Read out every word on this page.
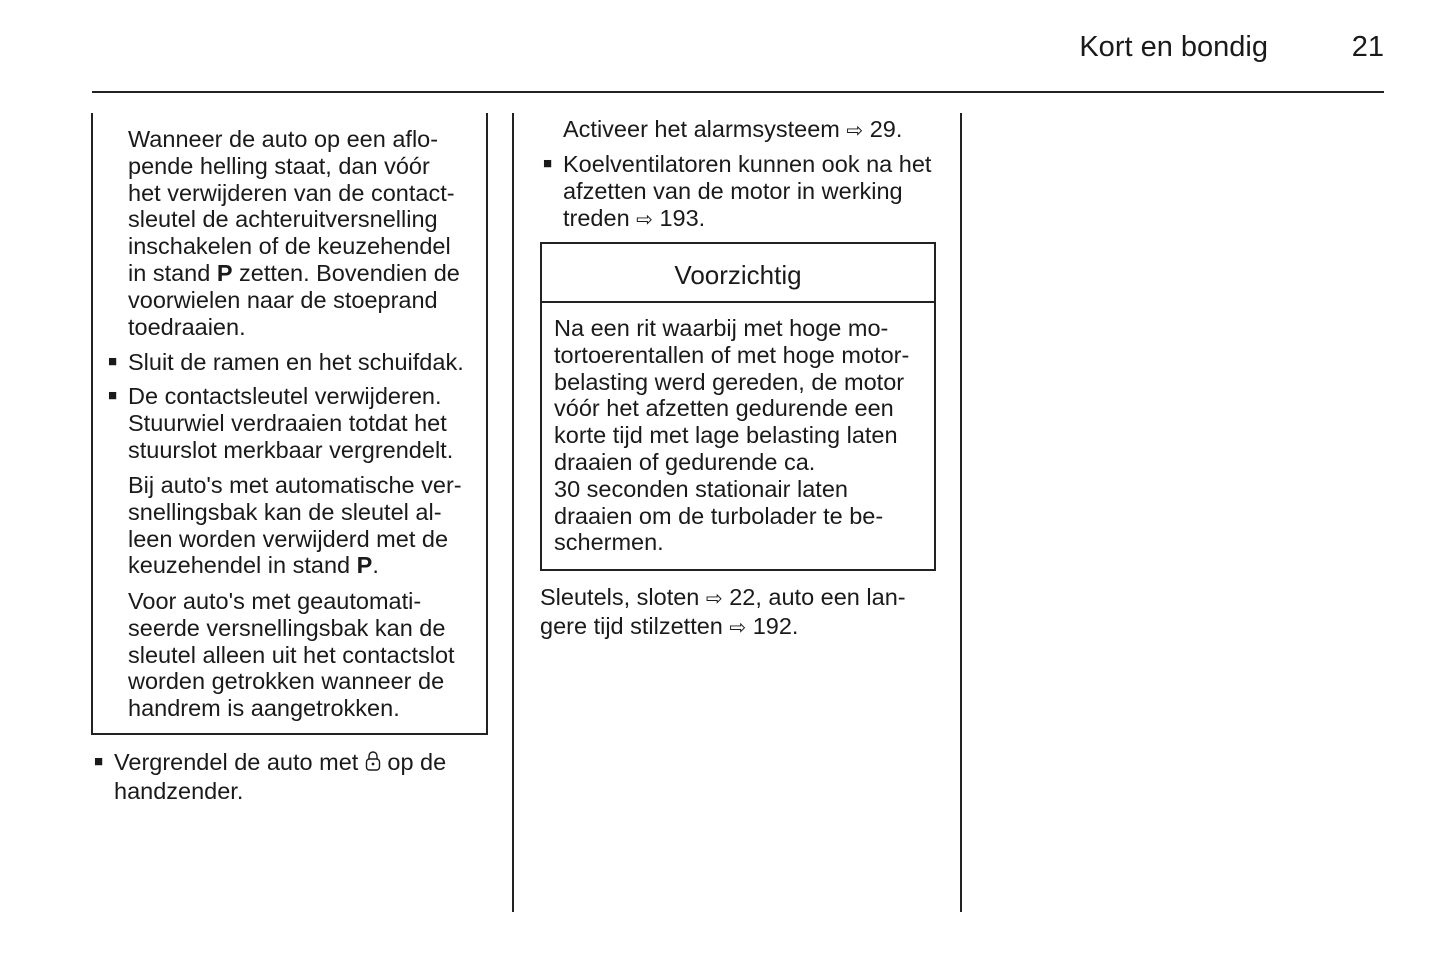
Kort en bondig	21

Wanneer de auto op een aflo-

pende helling staat, dan vóór

het verwijderen van de contact-

sleutel de achteruitversnelling

inschakelen of de keuzehendel

in stand P zetten. Bovendien de

voorwielen naar de stoeprand

toedraaien.

■ Sluit de ramen en het schuifdak.

■ De contactsleutel verwijderen.

Stuurwiel verdraaien totdat het

stuurslot merkbaar vergrendelt.

Bij auto's met automatische ver-

snellingsbak kan de sleutel al-

leen worden verwijderd met de

keuzehendel in stand P.

Voor auto's met geautomati-

seerde versnellingsbak kan de

sleutel alleen uit het contactslot

worden getrokken wanneer de

handrem is aangetrokken.

■ Vergrendel de auto met  op de

handzender.

Activeer het alarmsysteem ⇨ 29.

■ Koelventilatoren kunnen ook na het

afzetten van de motor in werking

treden ⇨ 193.

Voorzichtig

Na een rit waarbij met hoge mo-

tortoerentallen of met hoge motor-

belasting werd gereden, de motor

vóór het afzetten gedurende een

korte tijd met lage belasting laten

draaien of gedurende ca.

30 seconden stationair laten

draaien om de turbolader te be-

schermen.

Sleutels, sloten ⇨ 22, auto een lan-

gere tijd stilzetten ⇨ 192.
